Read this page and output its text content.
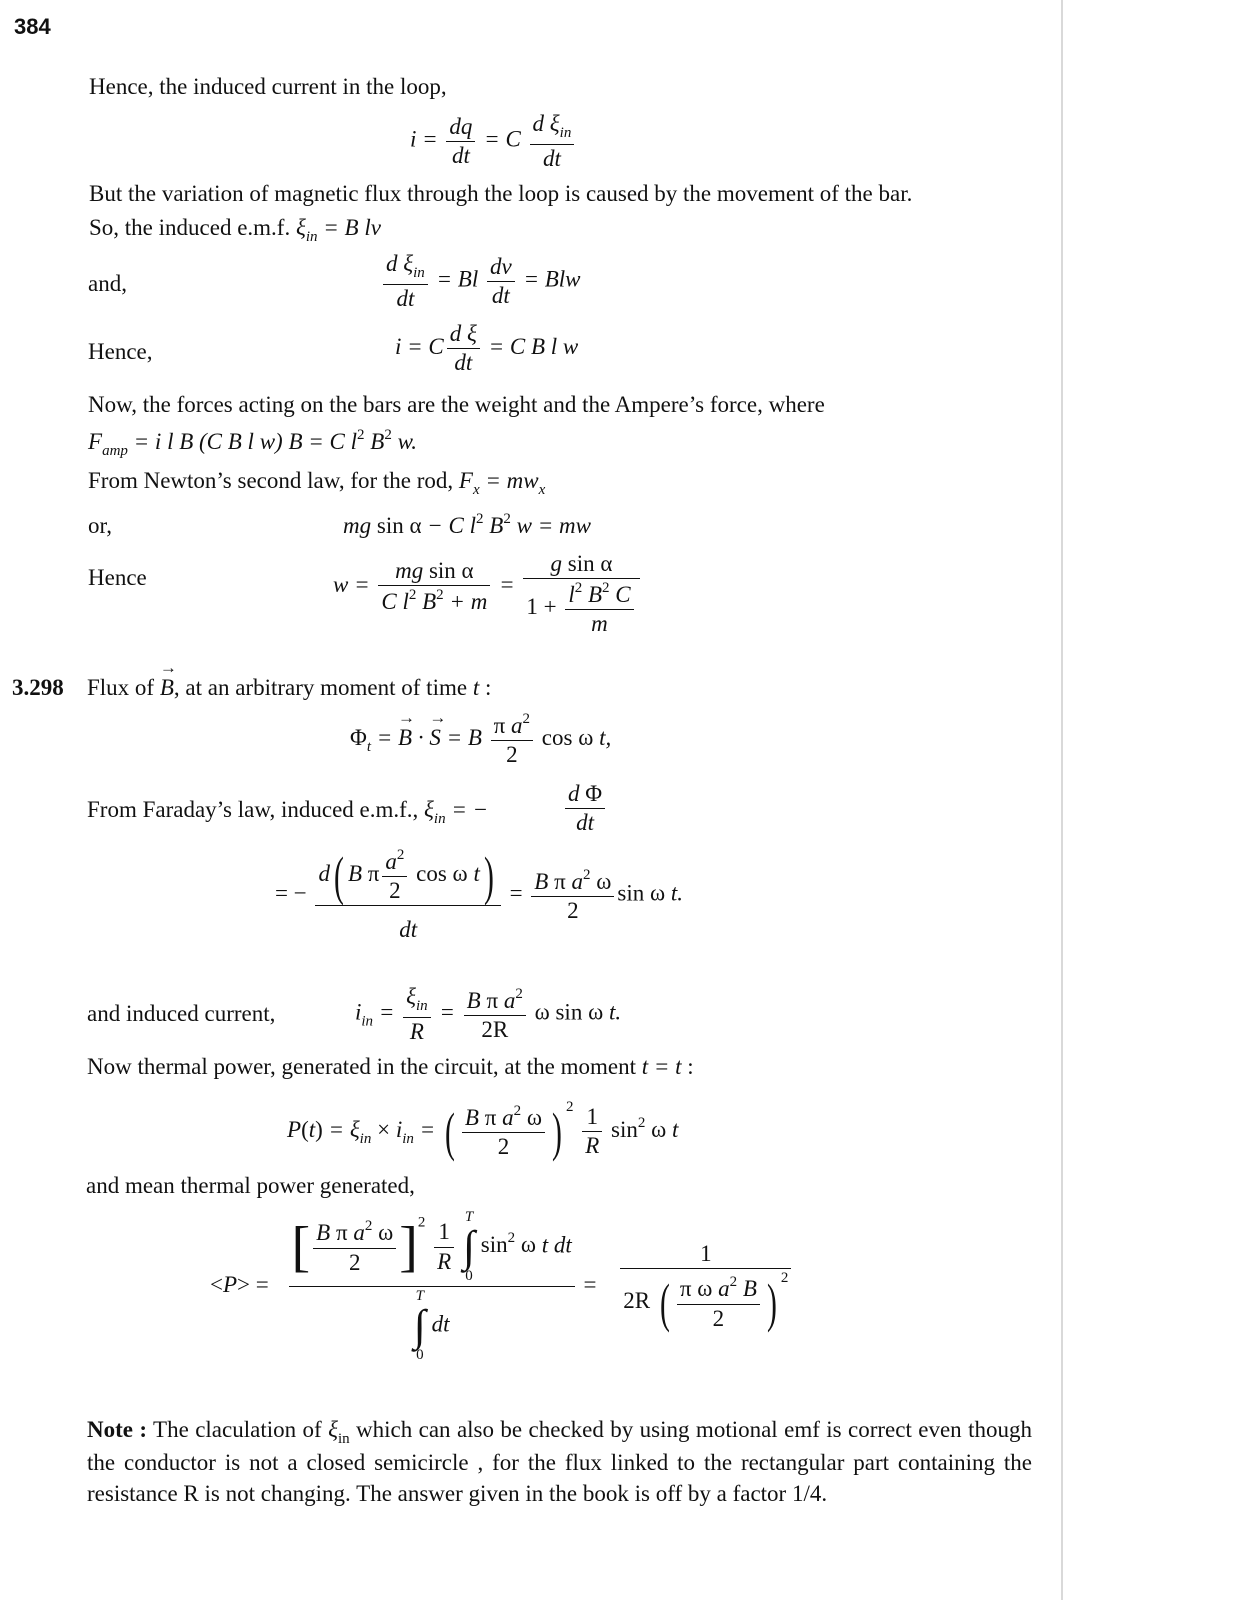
384
Hence, the induced current in the loop,
$i = \frac{dq}{dt} = C \frac{d \xi_{in}}{dt}$
But the variation of magnetic flux through the loop is caused by the movement of the bar.
So, the induced e.m.f. $\xi_{in} = B$ lv
and,	$\frac{d \xi_{in}}{dt} = Bl \frac{dv}{dt}$ = Blw
Hence,	i = C $\frac{\text{d ξ}}{dt} = C$ B l w
Now, the forces acting on the bars are the weight and the Ampere’s force, where
$F_{amp} = i$ l B (C B l w) B = C $l^2$ $B^2$ w.
From Newton’s second law, for the rod, $F_x = mw_x$
or,	mg sin α − C $l^2$ $B^2$ w = mw
Hence	$w = \frac{\text{mg sin α}}{C l^2 B^2 + m} = \frac{\text{g sin α}}{1 + \frac{l^2 B^2 C}{m}}$
3.298 Flux of → B, at an arbitrary moment of time t :
$\Phi_t$ = → B · → S = B $\frac{\pi a^2}{2}$ cos ω t,
From Faraday’s law, induced e.m.f., $\xi_{in}$ = −	$\frac{\text{d Φ}}{dt}$
= − $\frac{d( B \pi \frac{a^2}{2} \cos \omega t)}{dt} = \frac{B \pi a^2 \omega}{2}$ sin ω t.
and induced current,	$i_{in} = \frac{\xi_{in}}{R} = \frac{B \pi a^2}{2R}$ ω sin ω t.
Now thermal power, generated in the circuit, at the moment t = t :
$P(t) = \xi_{in} \times i_{in}$ = ( $\frac{B \pi a^2 \omega}{2}$ ) $^2 \frac{1}{R} \sin^2 \omega$ t
and mean thermal power generated,
<P> = [ $\frac{B \pi a^2 \omega}{2} ]^2 \frac{1}{R}$

T
∫
0
$\sin^2 \omega$ t dt
T
∫
0
dt = $\frac{1}{2R ( \frac{\pi \omega a^2 B}{2} ) ^2}$
Note : The claculation of $\xi_{in}$ which can also be checked by using motional emf is correct even though the conductor is not a closed semicircle , for the flux linked to the rectangular part containing the resistance R is not changing. The answer given in the book is off by a factor 1/4.
